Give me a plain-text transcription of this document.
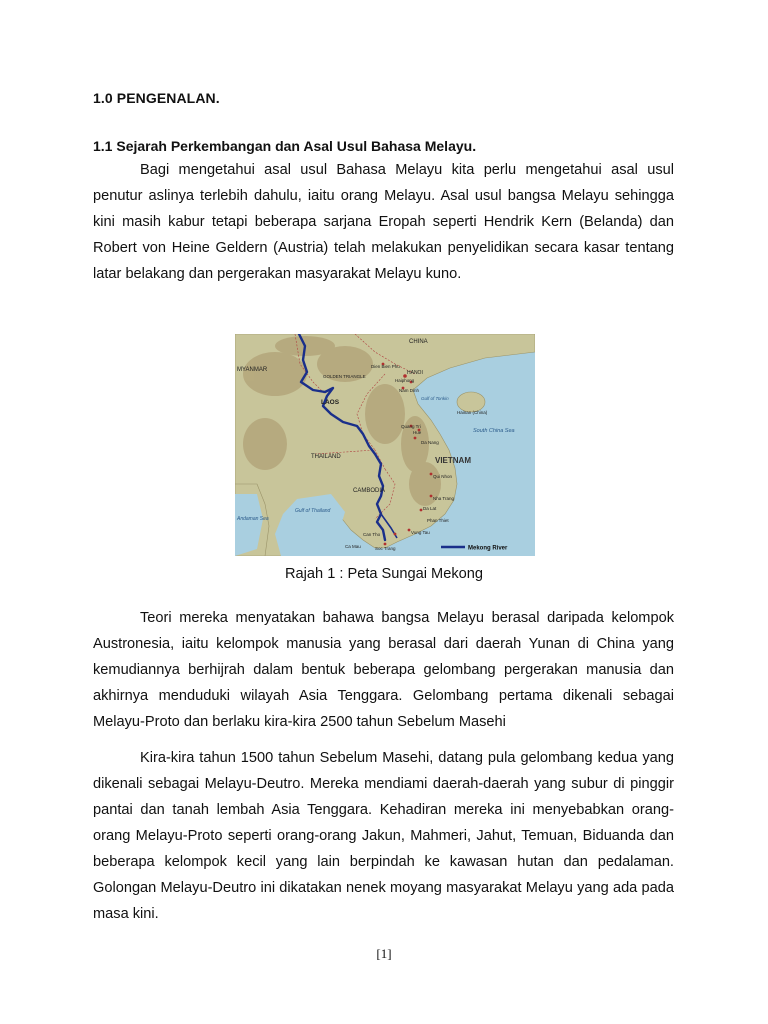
1.0 PENGENALAN.
1.1 Sejarah Perkembangan dan Asal Usul Bahasa Melayu.

Bagi mengetahui asal usul Bahasa Melayu kita perlu mengetahui asal usul penutur aslinya terlebih dahulu, iaitu orang Melayu. Asal usul bangsa Melayu sehingga kini masih kabur tetapi beberapa sarjana Eropah seperti Hendrik Kern (Belanda) dan Robert von Heine Geldern (Austria) telah melakukan penyelidikan secara kasar tentang latar belakang dan pergerakan masyarakat Melayu kuno.

CHINA
MYANMAR
LAOS
THAILAND
CAMBODIA
VIETNAM
HANOI
Haiphong
Nam Dinh
Dien Bien Phu
GOLDEN TRIANGLE
Gulf of Tonkin
Hainan (China)
South China Sea
Andaman Sea
Gulf of Thailand
Quang Tri
Hue
Da Nang
Qui Nhon
Nha Trang
Da Lat
Phan Thiet
Vung Tau
Can Tho
Ca Mau	Soc Trang	Mekong River
Rajah 1 : Peta Sungai Mekong

Teori mereka menyatakan bahawa bangsa Melayu berasal daripada kelompok Austronesia, iaitu kelompok manusia yang berasal dari daerah Yunan di China yang kemudiannya berhijrah dalam bentuk beberapa gelombang pergerakan manusia dan akhirnya menduduki wilayah Asia Tenggara. Gelombang pertama dikenali sebagai Melayu-Proto dan berlaku kira-kira 2500 tahun Sebelum Masehi

Kira-kira tahun 1500 tahun Sebelum Masehi, datang pula gelombang kedua yang dikenali sebagai Melayu-Deutro. Mereka mendiami daerah-daerah yang subur di pinggir pantai dan tanah lembah Asia Tenggara. Kehadiran mereka ini menyebabkan orang-orang Melayu-Proto seperti orang-orang Jakun, Mahmeri, Jahut, Temuan, Biduanda dan beberapa kelompok kecil yang lain berpindah ke kawasan hutan dan pedalaman. Golongan Melayu-Deutro ini dikatakan nenek moyang masyarakat Melayu yang ada pada masa kini.

[1]
